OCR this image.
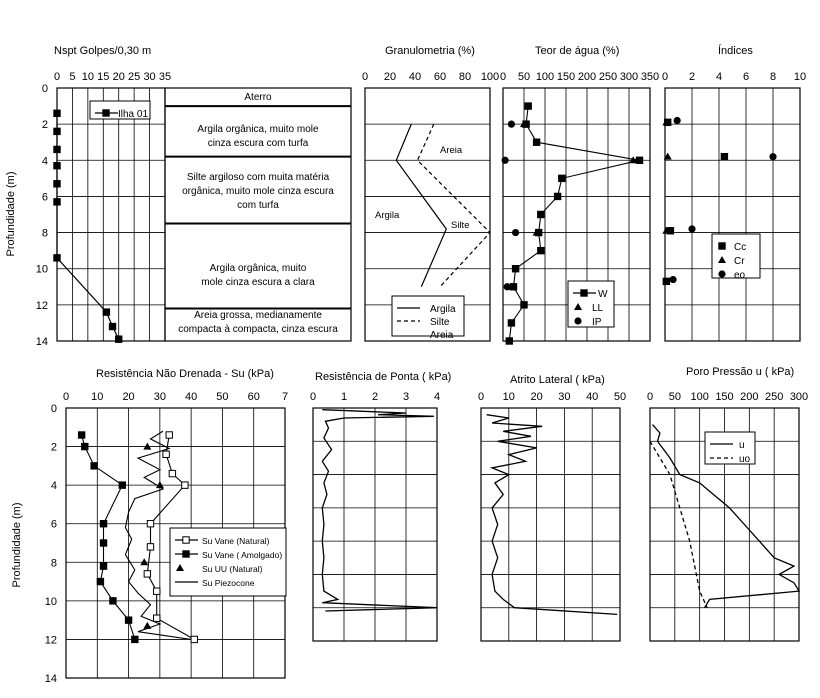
0 5 10 15 20 25 30 35
0
2
4
6
8
10
12
14
Nspt Golpes/0,30 m
Ilha 01
Profundidade (m)
Aterro
Argila orgânica, muito mole cinza escura com turfa
Silte argiloso com muita matéria orgânica, muito mole cinza escura com turfa
Argila orgânica, muito mole cinza escura a clara
Areia grossa, medianamente compacta à compacta, cinza escura
0 20 40 60 80 100
Granulometria (%)
Areia
Argila
Silte
Argila
Silte
Areia
0 50 100 150 200 250 300 350
Teor de água (%)
W
LL
IP
0 2 4 6 8 10
Índices
Cc
Cr
eo
0 10 20 30 40 50 60 7
0
2
4
6
8
10
12
14
Resistência Não Drenada - Su (kPa)
Profundidade (m)	Su Vane (Natural)
Su Vane ( Amolgado)
Su UU (Natural)
Su Piezocone
0 1 2 3 4
Resistência de Ponta ( kPa)
0 10 20 30 40 50
Atrito Lateral ( kPa)
0 50 100 150 200 250 300
Poro Pressão u ( kPa)
u
uo
